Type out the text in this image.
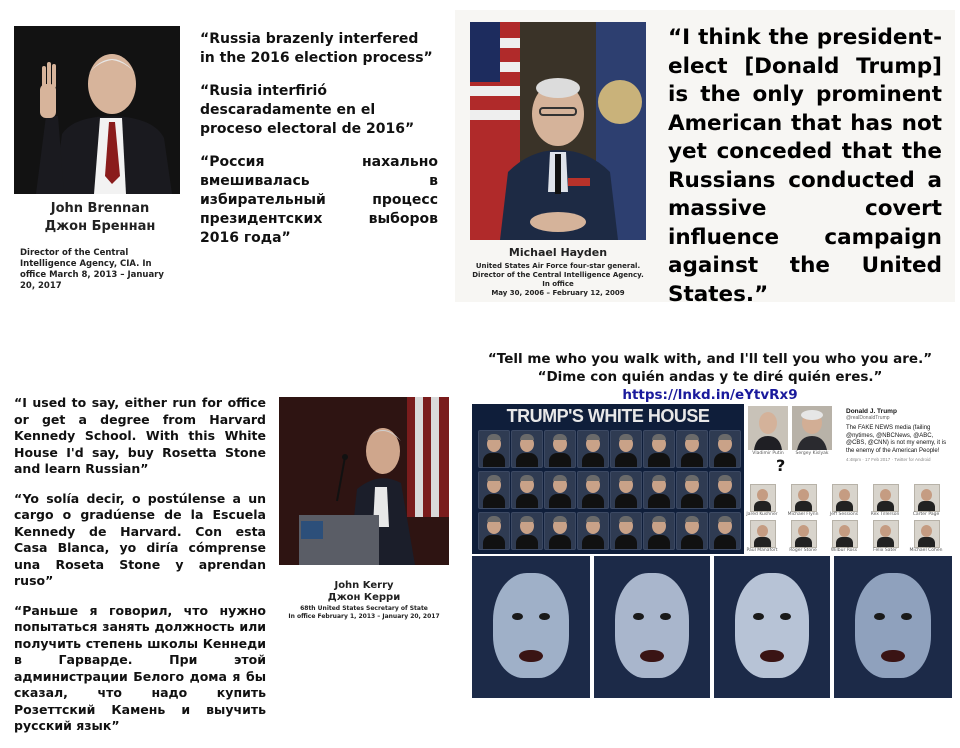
John Brennan
Джон Бреннан
Director of the Central Intelligence Agency, CIA. In office March 8, 2013 – January 20, 2017

“Russia brazenly interfered in the 2016 election process”

“Rusia interfirió descaradamente en el proceso electoral de 2016”

“Россия нахально вмешивалась в избирательный процесс президентских выборов 2016 года”

Michael Hayden
United States Air Force four-star general.
Director of the Central Intelligence Agency.
In office
May 30, 2006 – February 12, 2009
“I think the president-elect [Donald Trump] is the only prominent American that has not yet conceded that the Russians conducted a massive covert influence campaign against the United States.”

“I used to say, either run for office or get a degree from Harvard Kennedy School. With this White House I'd say, buy Rosetta Stone and learn Russian”

“Yo solía decir, o postúlense a un cargo o gradúense de la Escuela Kennedy de Harvard. Con esta Casa Blanca, yo diría cómprense una Roseta Stone y aprendan ruso”

“Раньше я говорил, что нужно попытаться занять должность или получить степень школы Кеннеди в Гарварде. При этой администрации Белого дома я бы сказал, что надо купить Розеттский Камень и выучить русский язык”

John Kerry
Джон Керри
68th United States Secretary of State
In office February 1, 2013 – January 20, 2017
“Tell me who you walk with, and I'll tell you who you are.”
“Dime con quién andas y te diré quién eres.”
https://lnkd.in/eYtvRx9
TRUMP'S WHITE HOUSE
Vladimir Putin	Sergey Kislyak
?
Donald J. Trump
@realDonaldTrump
The FAKE NEWS media (failing @nytimes, @NBCNews, @ABC, @CBS, @CNN) is not my enemy, it is the enemy of the American People!
4:48pm · 17 Feb 2017 · Twitter for Android
Jared Kushner	Michael Flynn	Jeff Sessions	Rex Tillerson	Carter Page
Paul Manafort	Roger Stone	Wilbur Ross	Felix Sater	Michael Cohen
